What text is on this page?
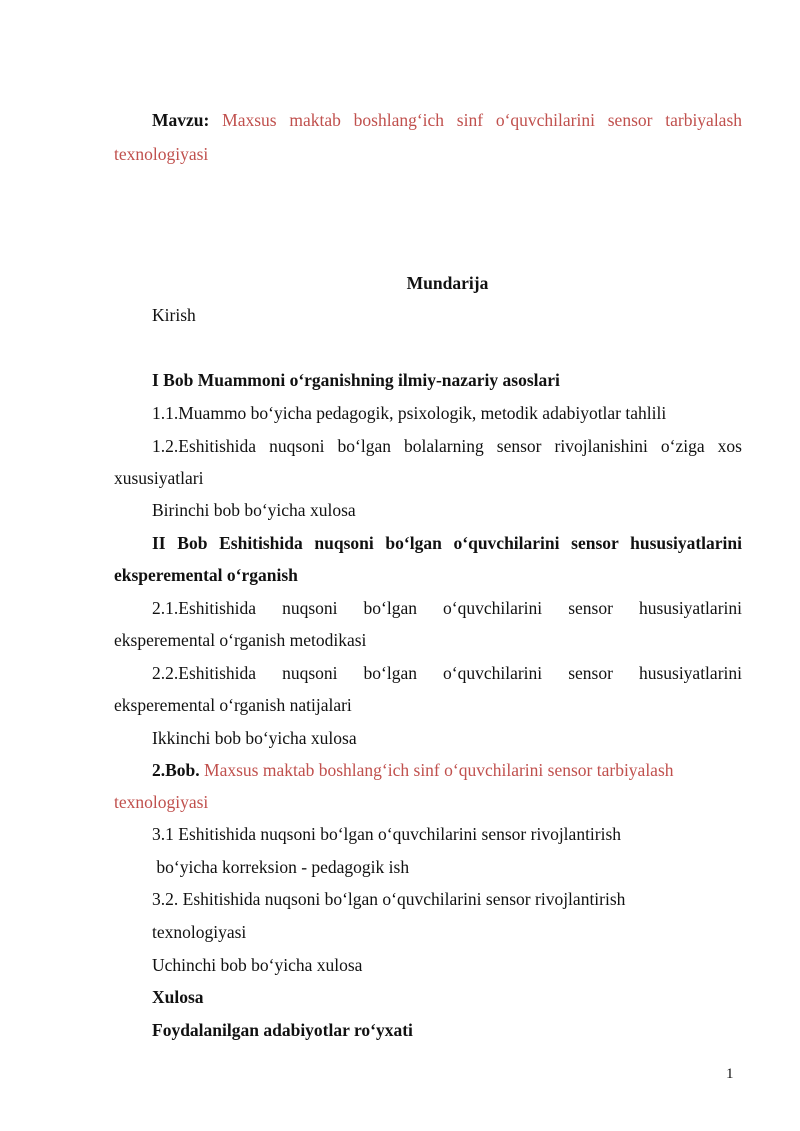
Mavzu: Maxsus maktab boshlang‘ich sinf o‘quvchilarini sensor tarbiyalash
texnologiyasi
Mundarija
Kirish
I Bob Muammoni o‘rganishning ilmiy-nazariy asoslari
1.1.Muammo bo‘yicha pedagogik, psixologik, metodik adabiyotlar tahlili
1.2.Eshitishida nuqsoni bo‘lgan bolalarning sensor rivojlanishini o‘ziga xos
xususiyatlari
Birinchi bob bo‘yicha xulosa
II Bob Eshitishida nuqsoni bo‘lgan o‘quvchilarini sensor hususiyatlarini
eksperemental o‘rganish
2.1.Eshitishida nuqsoni bo‘lgan o‘quvchilarini sensor hususiyatlarini
eksperemental o‘rganish metodikasi
2.2.Eshitishida nuqsoni bo‘lgan o‘quvchilarini sensor hususiyatlarini
eksperemental o‘rganish natijalari
Ikkinchi bob bo‘yicha xulosa
2.Bob. Maxsus maktab boshlang‘ich sinf o‘quvchilarini sensor tarbiyalash
texnologiyasi
3.1 Eshitishida nuqsoni bo‘lgan o‘quvchilarini sensor rivojlantirish
bo‘yicha korreksion - pedagogik ish
3.2. Eshitishida nuqsoni bo‘lgan o‘quvchilarini sensor rivojlantirish
texnologiyasi
Uchinchi bob bo‘yicha xulosa
Xulosa
Foydalanilgan adabiyotlar ro‘yxati
1
